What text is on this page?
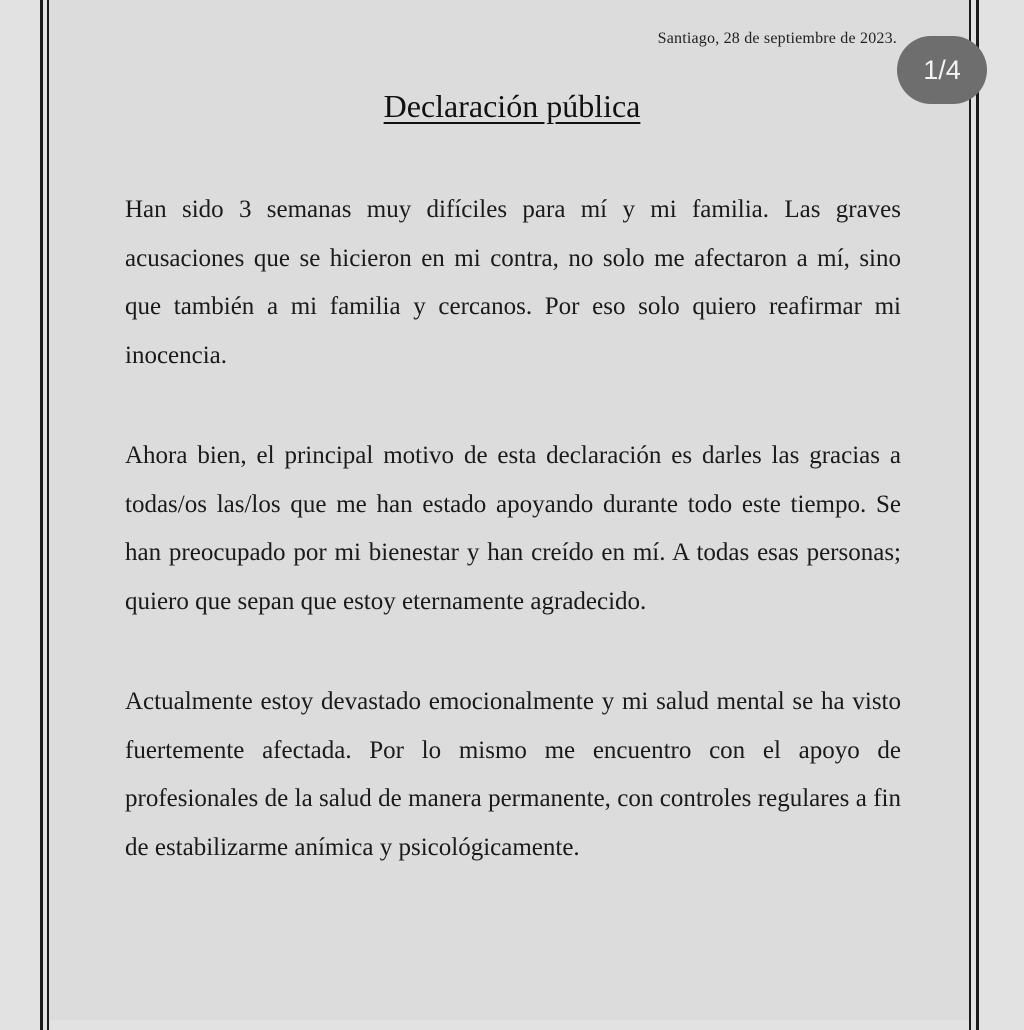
Santiago, 28 de septiembre de 2023.
1/4
Declaración pública

Han sido 3 semanas muy difíciles para mí y mi familia. Las graves acusaciones que se hicieron en mi contra, no solo me afectaron a mí, sino que también a mi familia y cercanos. Por eso solo quiero reafirmar mi inocencia.

Ahora bien, el principal motivo de esta declaración es darles las gracias a todas/os las/los que me han estado apoyando durante todo este tiempo. Se han preocupado por mi bienestar y han creído en mí. A todas esas personas; quiero que sepan que estoy eternamente agradecido.

Actualmente estoy devastado emocionalmente y mi salud mental se ha visto fuertemente afectada. Por lo mismo me encuentro con el apoyo de profesionales de la salud de manera permanente, con controles regulares a fin de estabilizarme anímica y psicológicamente.
